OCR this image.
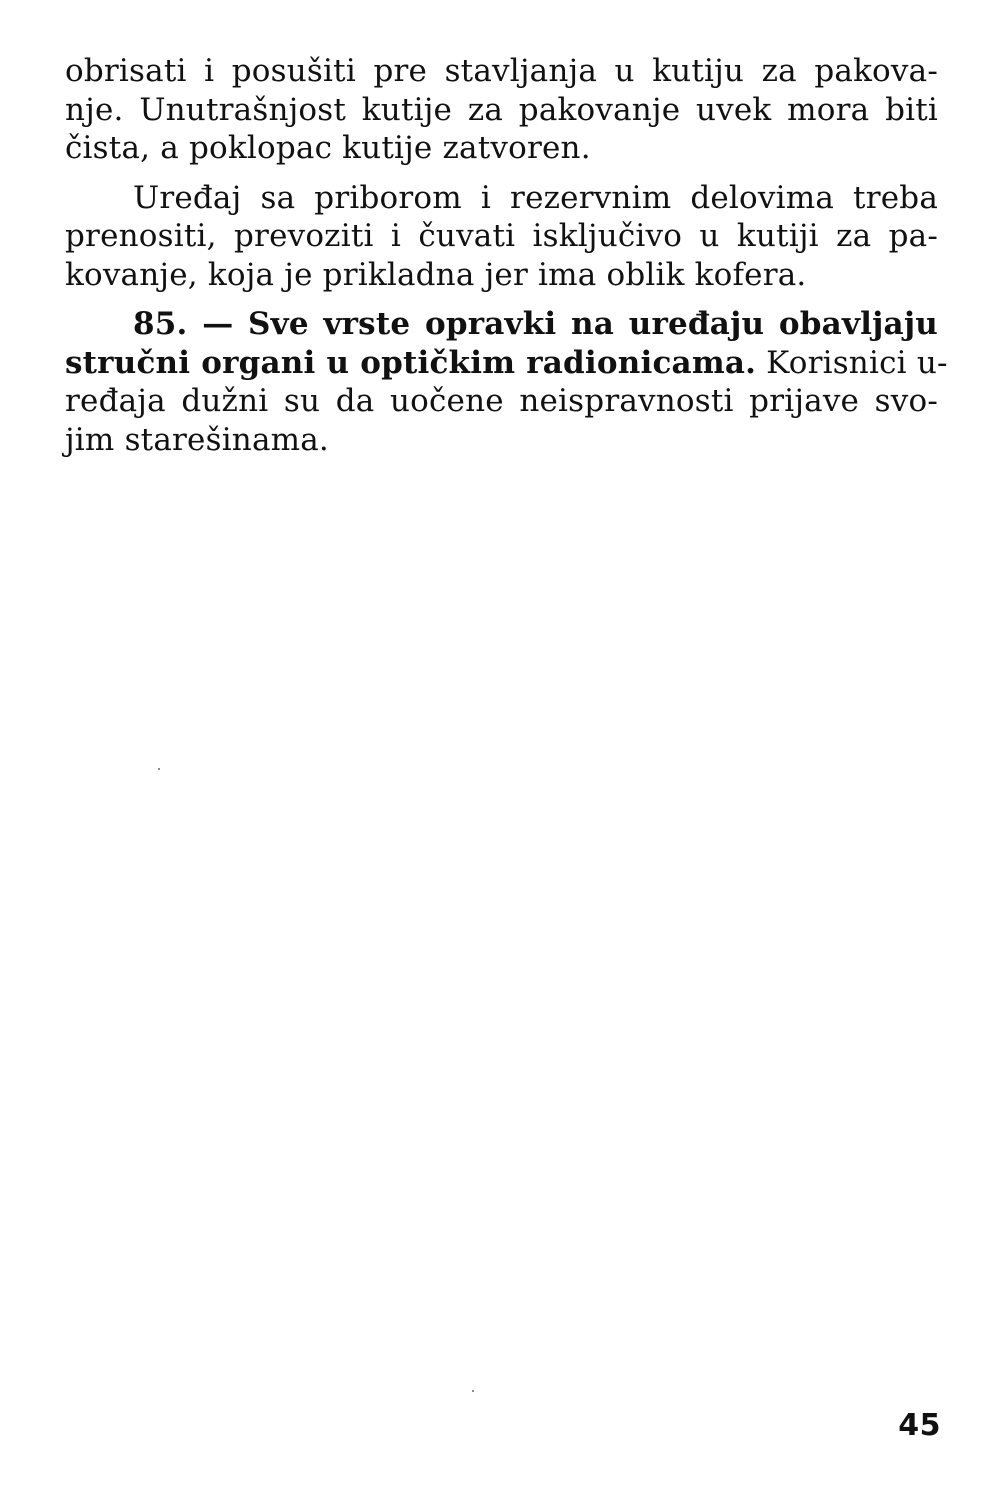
obrisati i posušiti pre stavljanja u kutiju za pakova-
nje. Unutrašnjost kutije za pakovanje uvek mora biti
čista, a poklopac kutije zatvoren.
Uređaj sa priborom i rezervnim delovima treba
prenositi, prevoziti i čuvati isključivo u kutiji za pa-
kovanje, koja je prikladna jer ima oblik kofera.
85. — Sve vrste opravki na uređaju obavljaju
stručni organi u optičkim radionicama. Korisnici u-
ređaja dužni su da uočene neispravnosti prijave svo-
jim starešinama.
45
